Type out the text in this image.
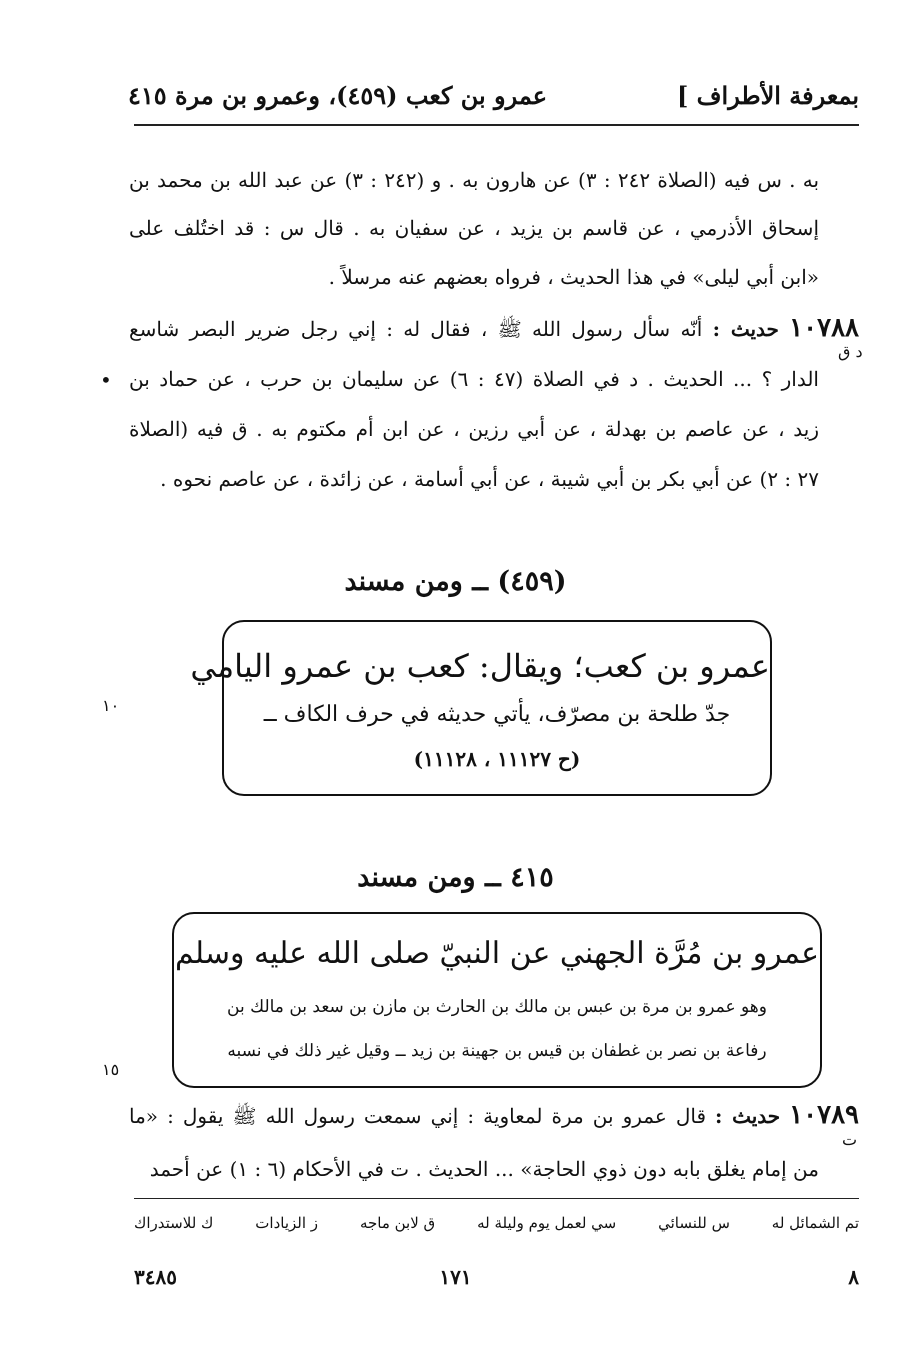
بمعرفة الأطراف ]
عمرو بن كعب (٤٥٩)، وعمرو بن مرة ٤١٥
به . س فيه (الصلاة ٢٤٢ : ٣) عن هارون به . و (٢٤٢ : ٣) عن عبد الله بن محمد بن
إسحاق الأذرمي ، عن قاسم بن يزيد ، عن سفيان به . قال س : قد اختُلف على
«ابن أبي ليلى» في هذا الحديث ، فرواه بعضهم عنه مرسلاً .
١٠٧٨٨ حديث : أنّه سأل رسول الله ﷺ ، فقال له : إني رجل ضرير البصر شاسع
د ق
الدار ؟ ... الحديث . د في الصلاة (٤٧ : ٦) عن سليمان بن حرب ، عن حماد بن
•
زيد ، عن عاصم بن بهدلة ، عن أبي رزين ، عن ابن أم مكتوم به . ق فيه (الصلاة
٢٧ : ٢) عن أبي بكر بن أبي شيبة ، عن أبي أسامة ، عن زائدة ، عن عاصم نحوه .
(٤٥٩) ــ ومن مسند
عمرو بن كعب؛ ويقال: كعب بن عمرو اليامي
جدّ طلحة بن مصرّف، يأتي حديثه في حرف الكاف ــ
(ح ١١١٢٧ ، ١١١٢٨)
١٠
٤١٥ ــ ومن مسند
عمرو بن مُرَّة الجهني عن النبيّ صلى الله عليه وسلم
وهو عمرو بن مرة بن عبس بن مالك بن الحارث بن مازن بن سعد بن مالك بن
رفاعة بن نصر بن غطفان بن قيس بن جهينة بن زيد ــ وقيل غير ذلك في نسبه
١٥
١٠٧٨٩ حديث : قال عمرو بن مرة لمعاوية : إني سمعت رسول الله ﷺ يقول : «ما
ت
من إمام يغلق بابه دون ذوي الحاجة» ... الحديث . ت في الأحكام (٦ : ١) عن أحمد
تم الشمائل له
س للنسائي
سي لعمل يوم وليلة له
ق لابن ماجه
ز الزيادات
ك للاستدراك
٨
١٧١
٣٤٨٥
